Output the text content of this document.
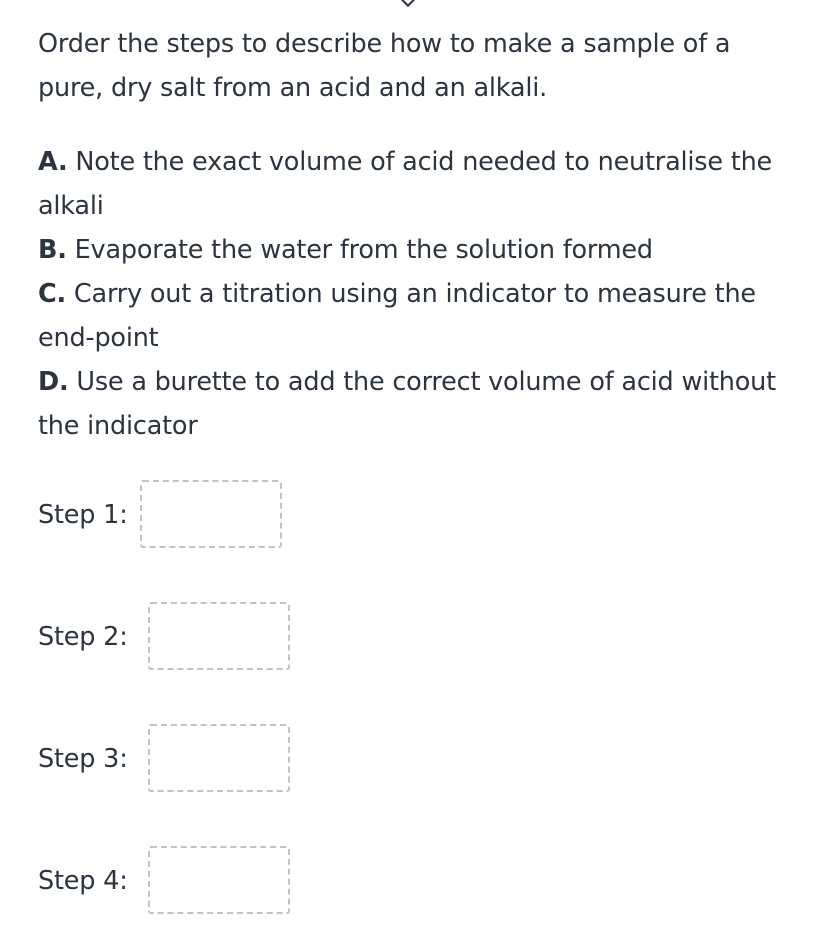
Order the steps to describe how to make a sample of a pure, dry salt from an acid and an alkali.

A. Note the exact volume of acid needed to neutralise the alkali
B. Evaporate the water from the solution formed
C. Carry out a titration using an indicator to measure the end-point
D. Use a burette to add the correct volume of acid without the indicator
Step 1:
Step 2:
Step 3:
Step 4:
